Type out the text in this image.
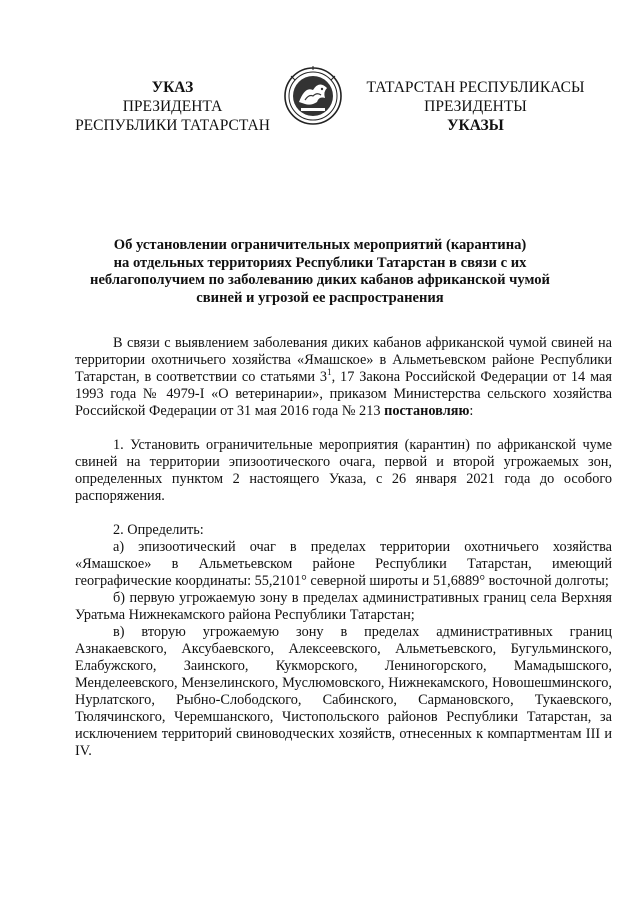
УКАЗ
ПРЕЗИДЕНТА
РЕСПУБЛИКИ ТАТАРСТАН
ТАТАРСТАН РЕСПУБЛИКАСЫ
ПРЕЗИДЕНТЫ
УКАЗЫ
Об установлении ограничительных мероприятий (карантина)
на отдельных территориях Республики Татарстан в связи с их
неблагополучием по заболеванию диких кабанов африканской чумой
свиней и угрозой ее распространения

В связи с выявлением заболевания диких кабанов африканской чумой свиней на территории охотничьего хозяйства «Ямашское» в Альметьевском районе Республики Татарстан, в соответствии со статьями $3^1$, 17 Закона Российской Федерации от 14 мая 1993 года № 4979-I «О ветеринарии», приказом Министерства сельского хозяйства Российской Федерации от 31 мая 2016 года № 213 постановляю:

1. Установить ограничительные мероприятия (карантин) по африканской чуме свиней на территории эпизоотического очага, первой и второй угрожаемых зон, определенных пунктом 2 настоящего Указа, с 26 января 2021 года до особого распоряжения.

2. Определить:

а) эпизоотический очаг в пределах территории охотничьего хозяйства «Ямашское» в Альметьевском районе Республики Татарстан, имеющий географические координаты: 55,2101° северной широты и 51,6889° восточной долготы;

б) первую угрожаемую зону в пределах административных границ села Верхняя Уратьма Нижнекамского района Республики Татарстан;

в) вторую угрожаемую зону в пределах административных границ Азнакаевского, Аксубаевского, Алексеевского, Альметьевского, Бугульминского, Елабужского, Заинского, Кукморского, Лениногорского, Мамадышского, Менделеевского, Мензелинского, Муслюмовского, Нижнекамского, Новошешминского, Нурлатского, Рыбно-Слободского, Сабинского, Сармановского, Тукаевского, Тюлячинского, Черемшанского, Чистопольского районов Республики Татарстан, за исключением территорий свиноводческих хозяйств, отнесенных к компартментам III и IV.
